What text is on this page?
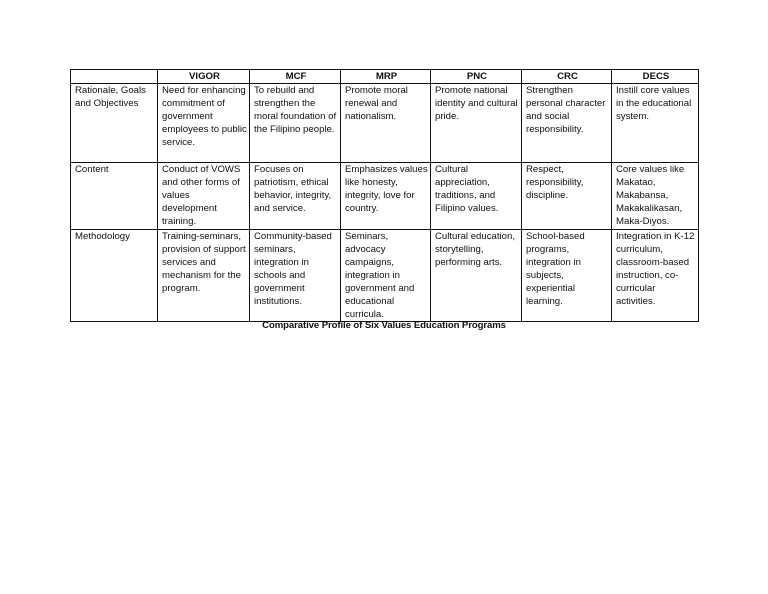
	VIGOR	MCF	MRP	PNC	CRC	DECS
Rationale, Goals and Objectives	Need for enhancing commitment of government employees to public service.	To rebuild and strengthen the moral foundation of the Filipino people.	Promote moral renewal and nationalism.	Promote national identity and cultural pride.	Strengthen personal character and social responsibility.	Instill core values in the educational system.
Content	Conduct of VOWS and other forms of values development training.	Focuses on patriotism, ethical behavior, integrity, and service.	Emphasizes values like honesty, integrity, love for country.	Cultural appreciation, traditions, and Filipino values.	Respect, responsibility, discipline.	Core values like Makatao, Makabansa, Makakalikasan, Maka-Diyos.
Methodology	Training-seminars, provision of support services and mechanism for the program.	Community-based seminars, integration in schools and government institutions.	Seminars, advocacy campaigns, integration in government and educational curricula.	Cultural education, storytelling, performing arts.	School-based programs, integration in subjects, experiential learning.	Integration in K-12 curriculum, classroom-based instruction, co-curricular activities.
Comparative Profile of Six Values Education Programs
